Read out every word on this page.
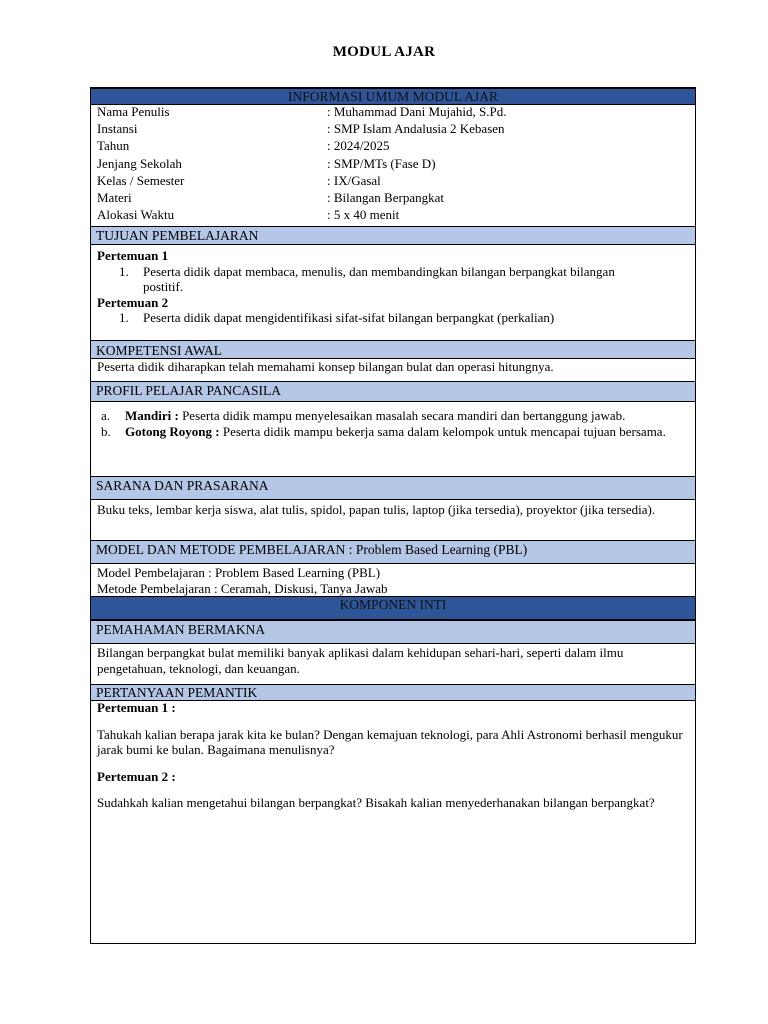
MODUL AJAR
INFORMASI UMUM MODUL AJAR
Nama Penulis	: Muhammad Dani Mujahid, S.Pd.
Instansi	: SMP Islam Andalusia 2 Kebasen
Tahun	: 2024/2025
Jenjang Sekolah	: SMP/MTs (Fase D)
Kelas / Semester	: IX/Gasal
Materi	: Bilangan Berpangkat
Alokasi Waktu	: 5 x 40 menit
TUJUAN PEMBELAJARAN
Pertemuan 1
1.	Peserta didik dapat membaca, menulis, dan membandingkan bilangan berpangkat bilangan postitif.
Pertemuan 2
1.	Peserta didik dapat mengidentifikasi sifat-sifat bilangan berpangkat (perkalian)
KOMPETENSI AWAL
Peserta didik diharapkan telah memahami konsep bilangan bulat dan operasi hitungnya.
PROFIL PELAJAR PANCASILA
a.	Mandiri : Peserta didik mampu menyelesaikan masalah secara mandiri dan bertanggung jawab.
b.	Gotong Royong : Peserta didik mampu bekerja sama dalam kelompok untuk mencapai tujuan bersama.
SARANA DAN PRASARANA
Buku teks, lembar kerja siswa, alat tulis, spidol, papan tulis, laptop (jika tersedia), proyektor (jika tersedia).
MODEL DAN METODE PEMBELAJARAN : Problem Based Learning (PBL)
Model Pembelajaran : Problem Based Learning (PBL)
Metode Pembelajaran : Ceramah, Diskusi, Tanya Jawab
KOMPONEN INTI
PEMAHAMAN BERMAKNA
Bilangan berpangkat bulat memiliki banyak aplikasi dalam kehidupan sehari-hari, seperti dalam ilmu pengetahuan, teknologi, dan keuangan.
PERTANYAAN PEMANTIK
Pertemuan 1 :

Tahukah kalian berapa jarak kita ke bulan? Dengan kemajuan teknologi, para Ahli Astronomi berhasil mengukur jarak bumi ke bulan. Bagaimana menulisnya?

Pertemuan 2 :

Sudahkah kalian mengetahui bilangan berpangkat? Bisakah kalian menyederhanakan bilangan berpangkat?
